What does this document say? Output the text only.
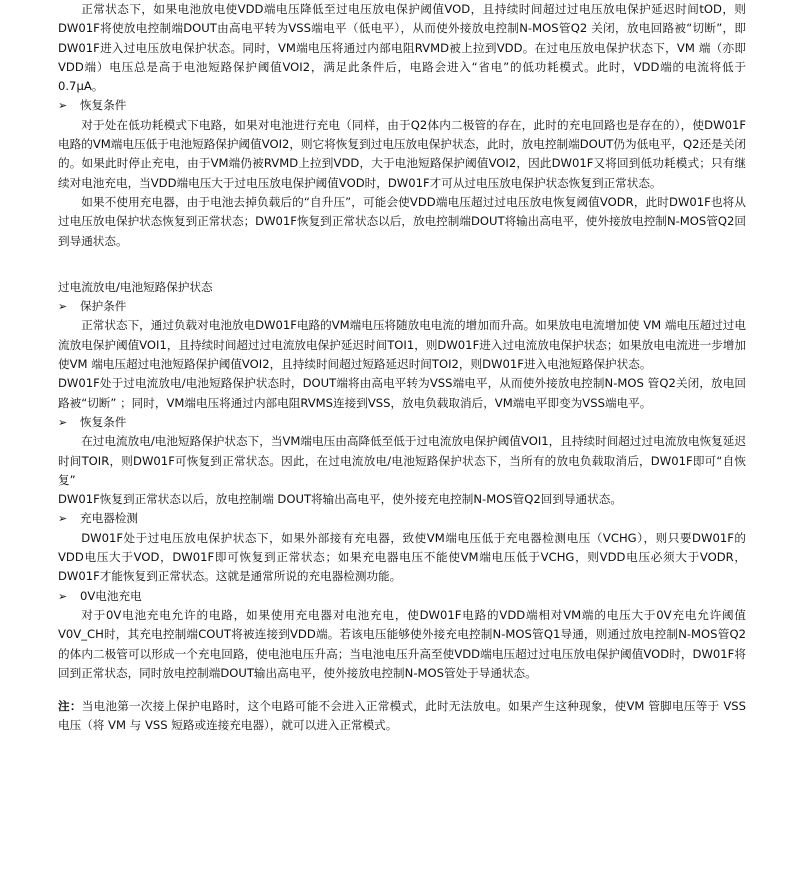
正常状态下，如果电池放电使VDD端电压降低至过电压放电保护阈值VOD，且持续时间超过过电压放电保护延迟时间tOD，则DW01F将使放电控制端DOUT由高电平转为VSS端电平（低电平），从而使外接放电控制N-MOS管Q2 关闭，放电回路被“切断”，即DW01F进入过电压放电保护状态。同时，VM端电压将通过内部电阻RVMD被上拉到VDD。在过电压放电保护状态下，VM 端（亦即VDD端）电压总是高于电池短路保护阈值VOI2，满足此条件后，电路会进入“省电”的低功耗模式。此时，VDD端的电流将低于0.7μA。

➢	恢复条件

对于处在低功耗模式下电路，如果对电池进行充电（同样，由于Q2体内二极管的存在，此时的充电回路也是存在的），使DW01F电路的VM端电压低于电池短路保护阈值VOI2，则它将恢复到过电压放电保护状态，此时，放电控制端DOUT仍为低电平，Q2还是关闭的。如果此时停止充电，由于VM端仍被RVMD上拉到VDD，大于电池短路保护阈值VOI2，因此DW01F又将回到低功耗模式；只有继续对电池充电，当VDD端电压大于过电压放电保护阈值VOD时，DW01F才可从过电压放电保护状态恢复到正常状态。

如果不使用充电器，由于电池去掉负载后的“自升压”，可能会使VDD端电压超过过电压放电恢复阈值VODR，此时DW01F也将从过电压放电保护状态恢复到正常状态；DW01F恢复到正常状态以后，放电控制端DOUT将输出高电平，使外接放电控制N-MOS管Q2回到导通状态。

过电流放电/电池短路保护状态

➢	保护条件

正常状态下，通过负载对电池放电DW01F电路的VM端电压将随放电电流的增加而升高。如果放电电流增加使 VM 端电压超过过电流放电保护阈值VOI1，且持续时间超过过电流放电保护延迟时间TOI1，则DW01F进入过电流放电保护状态；如果放电电流进一步增加使VM 端电压超过电池短路保护阈值VOI2，且持续时间超过短路延迟时间TOI2，则DW01F进入电池短路保护状态。

DW01F处于过电流放电/电池短路保护状态时，DOUT端将由高电平转为VSS端电平，从而使外接放电控制N-MOS 管Q2关闭，放电回路被“切断” ；同时，VM端电压将通过内部电阻RVMS连接到VSS，放电负载取消后，VM端电平即变为VSS端电平。

➢	恢复条件

在过电流放电/电池短路保护状态下，当VM端电压由高降低至低于过电流放电保护阈值VOI1，且持续时间超过过电流放电恢复延迟时间TOIR，则DW01F可恢复到正常状态。因此，在过电流放电/电池短路保护状态下，当所有的放电负载取消后，DW01F即可“自恢复”

DW01F恢复到正常状态以后，放电控制端 DOUT将输出高电平，使外接充电控制N-MOS管Q2回到导通状态。

➢	充电器检测

DW01F处于过电压放电保护状态下，如果外部接有充电器，致使VM端电压低于充电器检测电压（VCHG），则只要DW01F的VDD电压大于VOD，DW01F即可恢复到正常状态；如果充电器电压不能使VM端电压低于VCHG，则VDD电压必须大于VODR，DW01F才能恢复到正常状态。这就是通常所说的充电器检测功能。

➢	0V电池充电

对于0V电池充电允许的电路，如果使用充电器对电池充电，使DW01F电路的VDD端相对VM端的电压大于0V充电允许阈值V0V_CH时，其充电控制端COUT将被连接到VDD端。若该电压能够使外接充电控制N-MOS管Q1导通，则通过放电控制N-MOS管Q2的体内二极管可以形成一个充电回路，使电池电压升高；当电池电压升高至使VDD端电压超过过电压放电保护阈值VOD时，DW01F将回到正常状态，同时放电控制端DOUT输出高电平，使外接放电控制N-MOS管处于导通状态。

注：当电池第一次接上保护电路时，这个电路可能不会进入正常模式，此时无法放电。如果产生这种现象，使VM 管脚电压等于 VSS 电压（将 VM 与 VSS 短路或连接充电器），就可以进入正常模式。
